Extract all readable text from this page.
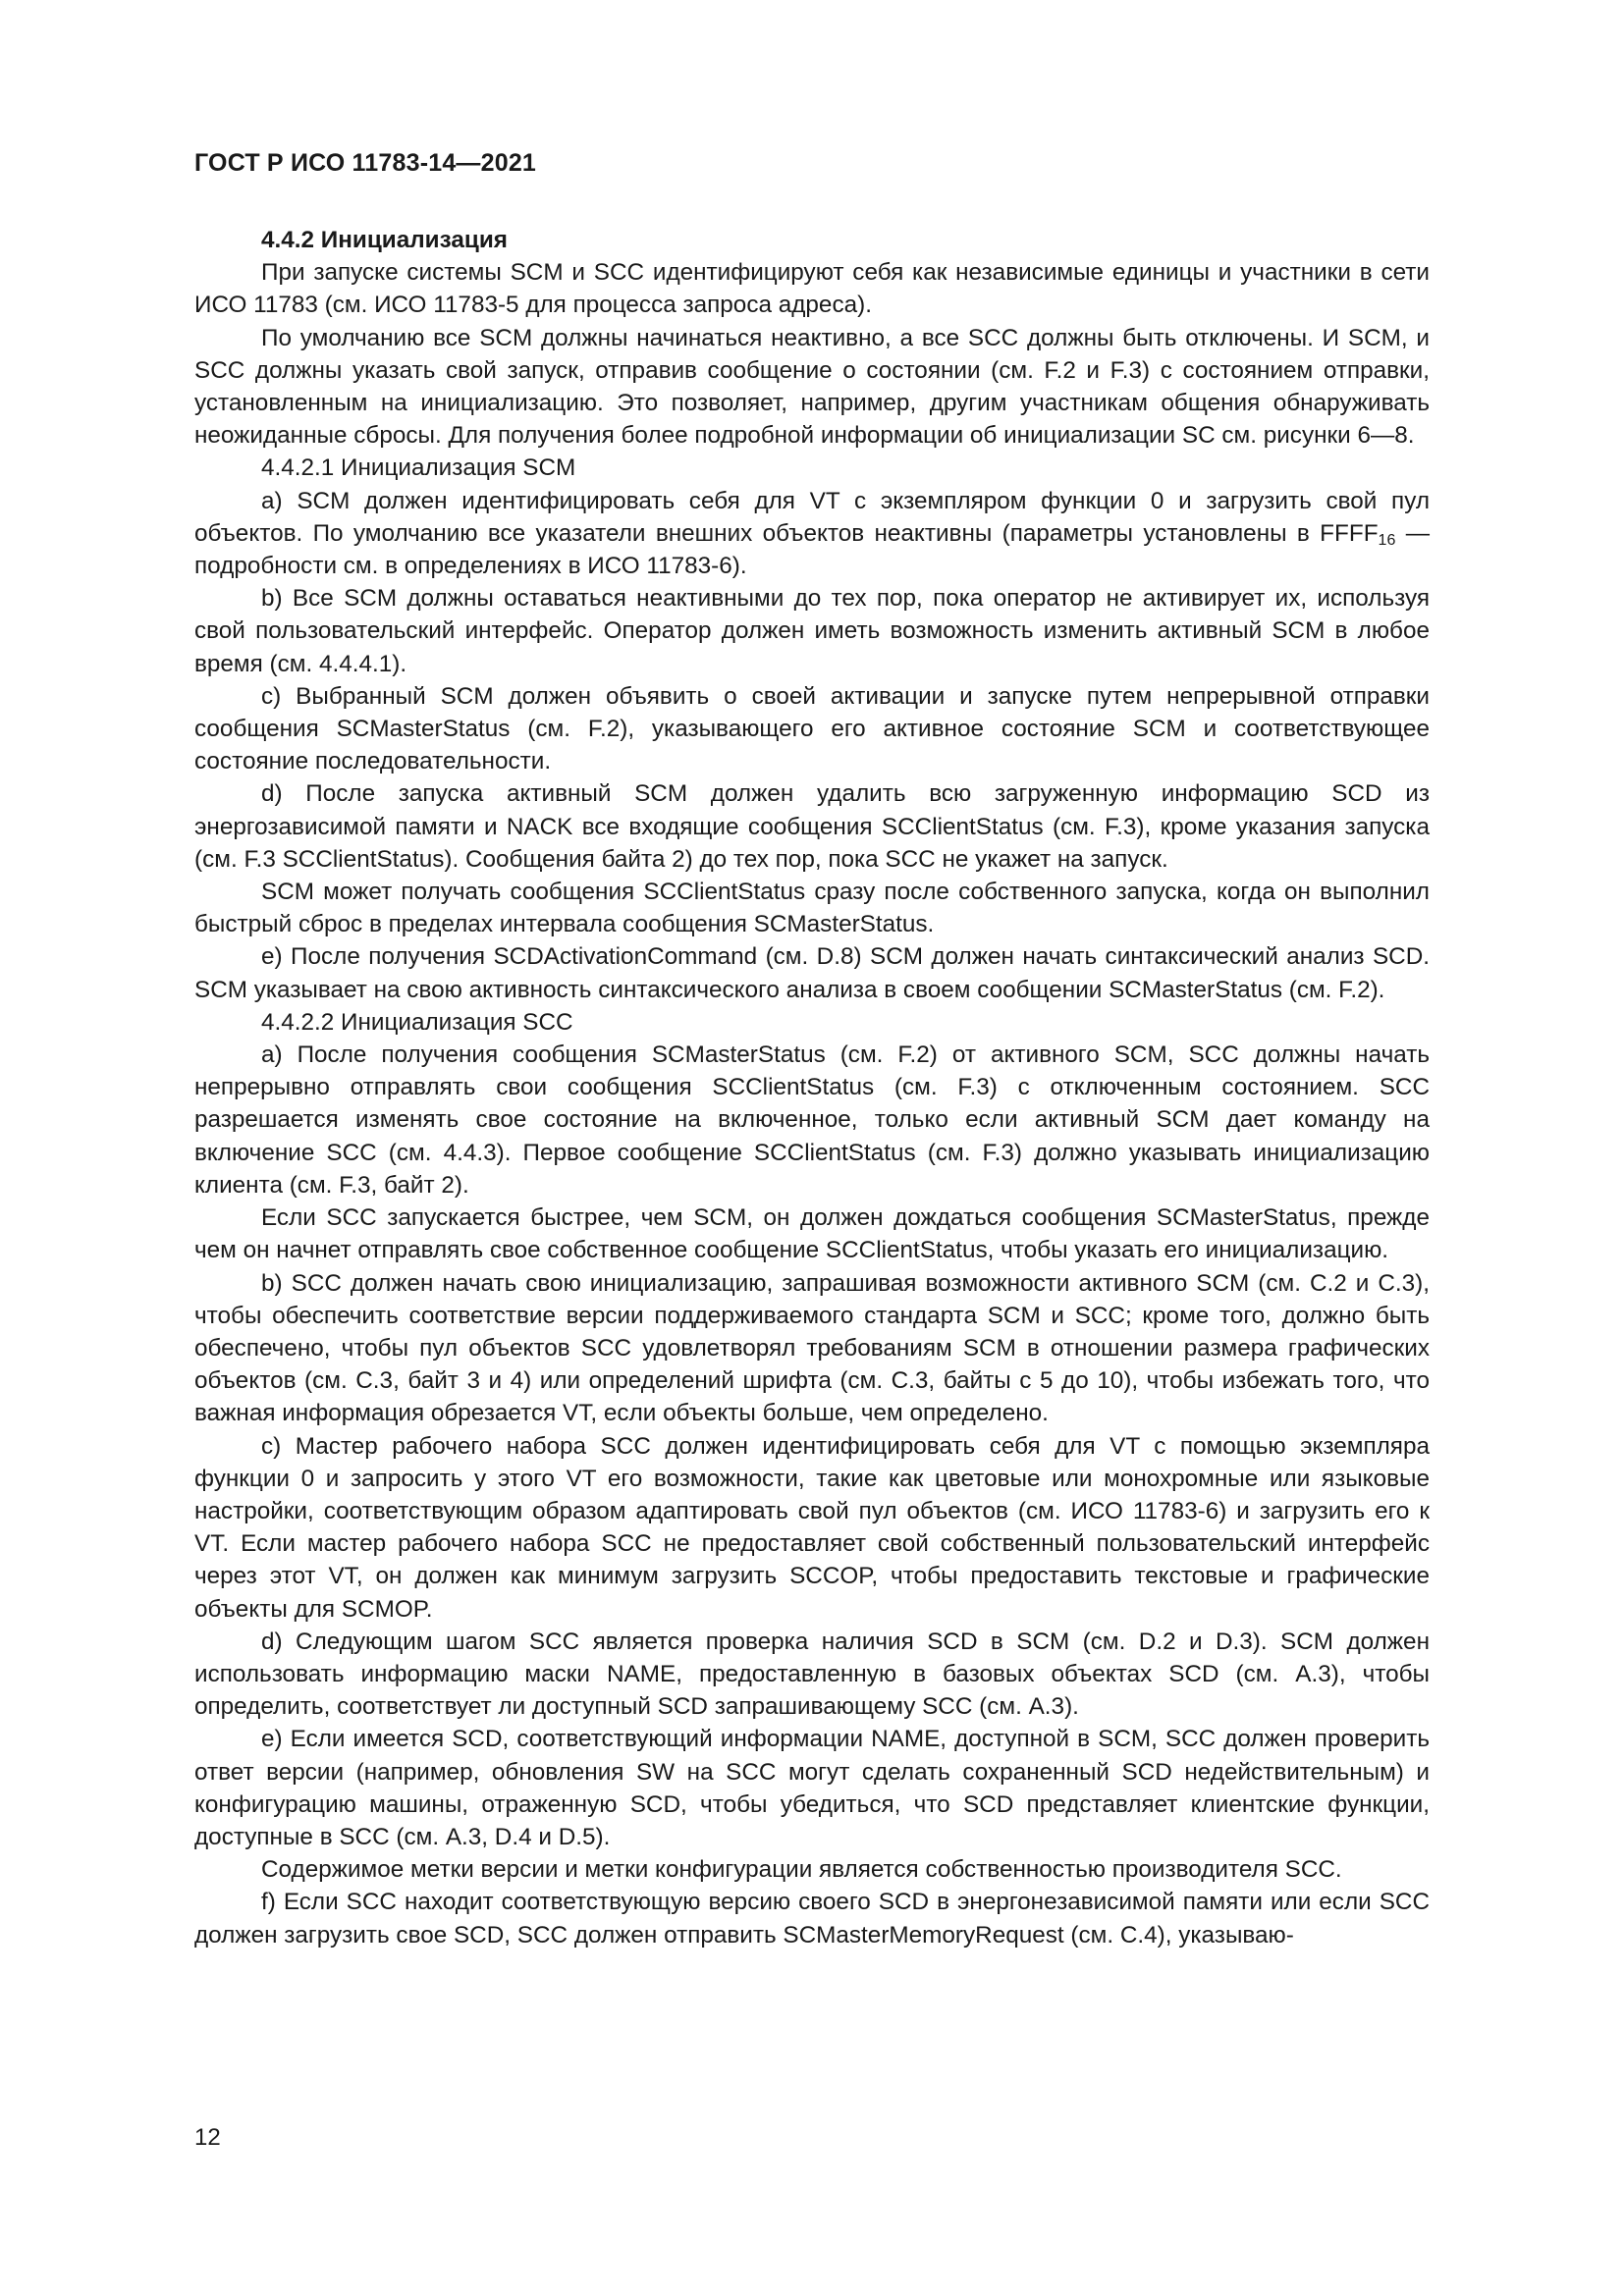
ГОСТ Р ИСО 11783-14—2021

4.4.2 Инициализация

При запуске системы SCM и SCC идентифицируют себя как независимые единицы и участники в сети ИСО 11783 (см. ИСО 11783-5 для процесса запроса адреса).

По умолчанию все SCM должны начинаться неактивно, а все SCC должны быть отключены. И SCM, и SCC должны указать свой запуск, отправив сообщение о состоянии (см. F.2 и F.3) с состоянием отправки, установленным на инициализацию. Это позволяет, например, другим участникам общения обнаруживать неожиданные сбросы. Для получения более подробной информации об инициализации SC см. рисунки 6—8.

4.4.2.1 Инициализация SCM

а) SCM должен идентифицировать себя для VT с экземпляром функции 0 и загрузить свой пул объектов. По умолчанию все указатели внешних объектов неактивны (параметры установлены в $FFFF_{16}$ — подробности см. в определениях в ИСО 11783-6).

b) Все SCM должны оставаться неактивными до тех пор, пока оператор не активирует их, используя свой пользовательский интерфейс. Оператор должен иметь возможность изменить активный SCM в любое время (см. 4.4.4.1).

с) Выбранный SCM должен объявить о своей активации и запуске путем непрерывной отправки сообщения SCMasterStatus (см. F.2), указывающего его активное состояние SCM и соответствующее состояние последовательности.

d) После запуска активный SCM должен удалить всю загруженную информацию SCD из энергозависимой памяти и NACK все входящие сообщения SCClientStatus (см. F.3), кроме указания запуска (см. F.3 SCClientStatus). Сообщения байта 2) до тех пор, пока SCC не укажет на запуск.

SCM может получать сообщения SCClientStatus сразу после собственного запуска, когда он выполнил быстрый сброс в пределах интервала сообщения SCMasterStatus.

е) После получения SCDActivationCommand (см. D.8) SCM должен начать синтаксический анализ SCD. SCM указывает на свою активность синтаксического анализа в своем сообщении SCMasterStatus (см. F.2).

4.4.2.2 Инициализация SCC

а) После получения сообщения SCMasterStatus (см. F.2) от активного SCM, SCC должны начать непрерывно отправлять свои сообщения SCClientStatus (см. F.3) с отключенным состоянием. SCC разрешается изменять свое состояние на включенное, только если активный SCM дает команду на включение SCC (см. 4.4.3). Первое сообщение SCClientStatus (см. F.3) должно указывать инициализацию клиента (см. F.3, байт 2).

Если SCC запускается быстрее, чем SCM, он должен дождаться сообщения SCMasterStatus, прежде чем он начнет отправлять свое собственное сообщение SCClientStatus, чтобы указать его инициализацию.

b) SCC должен начать свою инициализацию, запрашивая возможности активного SCM (см. С.2 и С.3), чтобы обеспечить соответствие версии поддерживаемого стандарта SCM и SCC; кроме того, должно быть обеспечено, чтобы пул объектов SCC удовлетворял требованиям SCM в отношении размера графических объектов (см. С.3, байт 3 и 4) или определений шрифта (см. С.3, байты с 5 до 10), чтобы избежать того, что важная информация обрезается VT, если объекты больше, чем определено.

с) Мастер рабочего набора SCC должен идентифицировать себя для VT с помощью экземпляра функции 0 и запросить у этого VT его возможности, такие как цветовые или монохромные или языковые настройки, соответствующим образом адаптировать свой пул объектов (см. ИСО 11783-6) и загрузить его к VT. Если мастер рабочего набора SCC не предоставляет свой собственный пользовательский интерфейс через этот VT, он должен как минимум загрузить SCCOP, чтобы предоставить текстовые и графические объекты для SCMOP.

d) Следующим шагом SCC является проверка наличия SCD в SCM (см. D.2 и D.3). SCM должен использовать информацию маски NAME, предоставленную в базовых объектах SCD (см. А.3), чтобы определить, соответствует ли доступный SCD запрашивающему SCC (см. А.3).

е) Если имеется SCD, соответствующий информации NAME, доступной в SCM, SCC должен проверить ответ версии (например, обновления SW на SCC могут сделать сохраненный SCD недействительным) и конфигурацию машины, отраженную SCD, чтобы убедиться, что SCD представляет клиентские функции, доступные в SCC (см. А.3, D.4 и D.5).

Содержимое метки версии и метки конфигурации является собственностью производителя SCC.

f) Если SCC находит соответствующую версию своего SCD в энергонезависимой памяти или если SCC должен загрузить свое SCD, SCC должен отправить SCMasterMemoryRequest (см. С.4), указываю-

12
